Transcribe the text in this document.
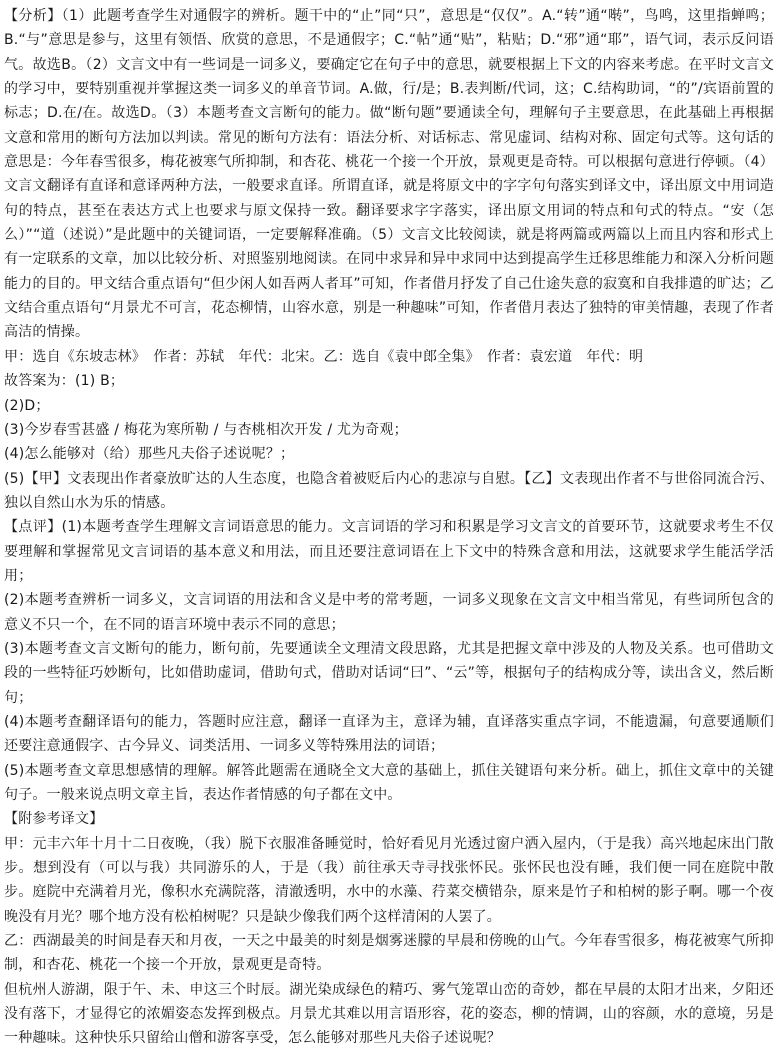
【分析】（1）此题考查学生对通假字的辨析。题干中的“止”同“只”，意思是“仅仅”。A.“转”通“啭”，鸟鸣，这里指蝉鸣；B.“与”意思是参与，这里有领悟、欣赏的意思，不是通假字；C.“帖”通“贴”，粘贴；D.“邪”通“耶”，语气词，表示反问语气。故选B。（2）文言文中有一些词是一词多义，要确定它在句子中的意思，就要根据上下文的内容来考虑。在平时文言文的学习中，要特别重视并掌握这类一词多义的单音节词。A.做，行/是；B.表判断/代词，这；C.结构助词，“的”/宾语前置的标志；D.在/在。故选D。（3）本题考查文言断句的能力。做“断句题”要通读全句，理解句子主要意思，在此基础上再根据文意和常用的断句方法加以判读。常见的断句方法有：语法分析、对话标志、常见虚词、结构对称、固定句式等。这句话的意思是：今年春雪很多，梅花被寒气所抑制，和杏花、桃花一个接一个开放，景观更是奇特。可以根据句意进行停顿。（4）文言文翻译有直译和意译两种方法，一般要求直译。所谓直译，就是将原文中的字字句句落实到译文中，译出原文中用词造句的特点，甚至在表达方式上也要求与原文保持一致。翻译要求字字落实，译出原文用词的特点和句式的特点。“安（怎么）”“道（述说）”是此题中的关键词语，一定要解释准确。（5）文言文比较阅读，就是将两篇或两篇以上而且内容和形式上有一定联系的文章，加以比较分析、对照鉴别地阅读。在同中求异和异中求同中达到提高学生迁移思维能力和深入分析问题能力的目的。甲文结合重点语句“但少闲人如吾两人者耳”可知，作者借月抒发了自己仕途失意的寂寞和自我排遣的旷达；乙文结合重点语句“月景尤不可言，花态柳情，山容水意，别是一种趣味”可知，作者借月表达了独特的审美情趣，表现了作者高洁的情操。

甲：选自《东坡志林》　作者：苏轼　年代：北宋。乙：选自《袁中郎全集》　作者：袁宏道　年代：明

故答案为：(1) B；

(2)D；

(3)今岁春雪甚盛 / 梅花为寒所勒 / 与杏桃相次开发 / 尤为奇观；

(4)怎么能够对（给）那些凡夫俗子述说呢？；

(5)【甲】文表现出作者豪放旷达的人生态度，也隐含着被贬后内心的悲凉与自慰。【乙】文表现出作者不与世俗同流合污、独以自然山水为乐的情感。

【点评】(1)本题考查学生理解文言词语意思的能力。文言词语的学习和积累是学习文言文的首要环节，这就要求考生不仅要理解和掌握常见文言词语的基本意义和用法，而且还要注意词语在上下文中的特殊含意和用法，这就要求学生能活学活用；

(2)本题考查辨析一词多义，文言词语的用法和含义是中考的常考题，一词多义现象在文言文中相当常见，有些词所包含的意义不只一个，在不同的语言环境中表示不同的意思；

(3)本题考查文言文断句的能力，断句前，先要通读全文理清文段思路，尤其是把握文章中涉及的人物及关系。也可借助文段的一些特征巧妙断句，比如借助虚词，借助句式，借助对话词“曰”、“云”等，根据句子的结构成分等，读出含义，然后断句；

(4)本题考查翻译语句的能力，答题时应注意，翻译一直译为主，意译为辅，直译落实重点字词，不能遗漏，句意要通顺们还要注意通假字、古今异义、词类活用、一词多义等特殊用法的词语；

(5)本题考查文章思想感情的理解。解答此题需在通晓全文大意的基础上，抓住关键语句来分析。础上，抓住文章中的关键句子。一般来说点明文章主旨，表达作者情感的句子都在文中。

【附参考译文】

甲：元丰六年十月十二日夜晚，（我）脱下衣服准备睡觉时，恰好看见月光透过窗户洒入屋内，（于是我）高兴地起床出门散步。想到没有（可以与我）共同游乐的人，于是（我）前往承天寺寻找张怀民。张怀民也没有睡，我们便一同在庭院中散步。庭院中充满着月光，像积水充满院落，清澈透明，水中的水藻、荇菜交横错杂，原来是竹子和柏树的影子啊。哪一个夜晚没有月光？哪个地方没有松柏树呢？只是缺少像我们两个这样清闲的人罢了。

乙：西湖最美的时间是春天和月夜，一天之中最美的时刻是烟雾迷朦的早晨和傍晚的山气。今年春雪很多，梅花被寒气所抑制，和杏花、桃花一个接一个开放，景观更是奇特。

但杭州人游湖，限于午、未、申这三个时辰。湖光染成绿色的精巧、雾气笼罩山峦的奇妙，都在早晨的太阳才出来，夕阳还没有落下，才显得它的浓媚姿态发挥到极点。月景尤其难以用言语形容，花的姿态，柳的情调，山的容颜，水的意境，另是一种趣味。这种快乐只留给山僧和游客享受，怎么能够对那些凡夫俗子述说呢？
